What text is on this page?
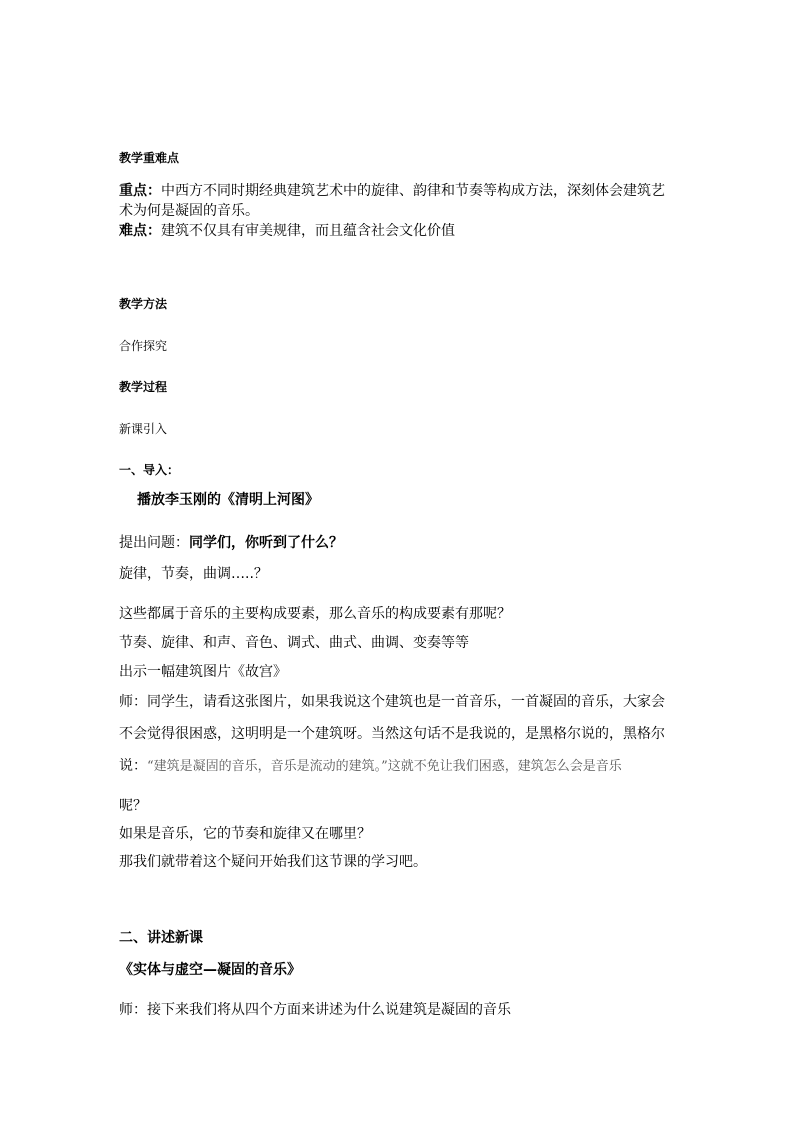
教学重难点
重点：中西方不同时期经典建筑艺术中的旋律、韵律和节奏等构成方法，深刻体会建筑艺
术为何是凝固的音乐。
难点：建筑不仅具有审美规律，而且蕴含社会文化价值
教学方法
合作探究
教学过程
新课引入
一、导入：
播放李玉刚的《清明上河图》
提出问题：同学们，你听到了什么？
旋律，节奏，曲调…..？
这些都属于音乐的主要构成要素，那么音乐的构成要素有那呢？
节奏、旋律、和声、音色、调式、曲式、曲调、变奏等等
出示一幅建筑图片《故宫》
师：同学生，请看这张图片，如果我说这个建筑也是一首音乐，一首凝固的音乐，大家会
不会觉得很困惑，这明明是一个建筑呀。当然这句话不是我说的，是黑格尔说的，黑格尔
说：“建筑是凝固的音乐，音乐是流动的建筑。”这就不免让我们困惑，建筑怎么会是音乐
呢？
如果是音乐，它的节奏和旋律又在哪里？
那我们就带着这个疑问开始我们这节课的学习吧。
二、讲述新课
《实体与虚空—凝固的音乐》
师：接下来我们将从四个方面来讲述为什么说建筑是凝固的音乐
